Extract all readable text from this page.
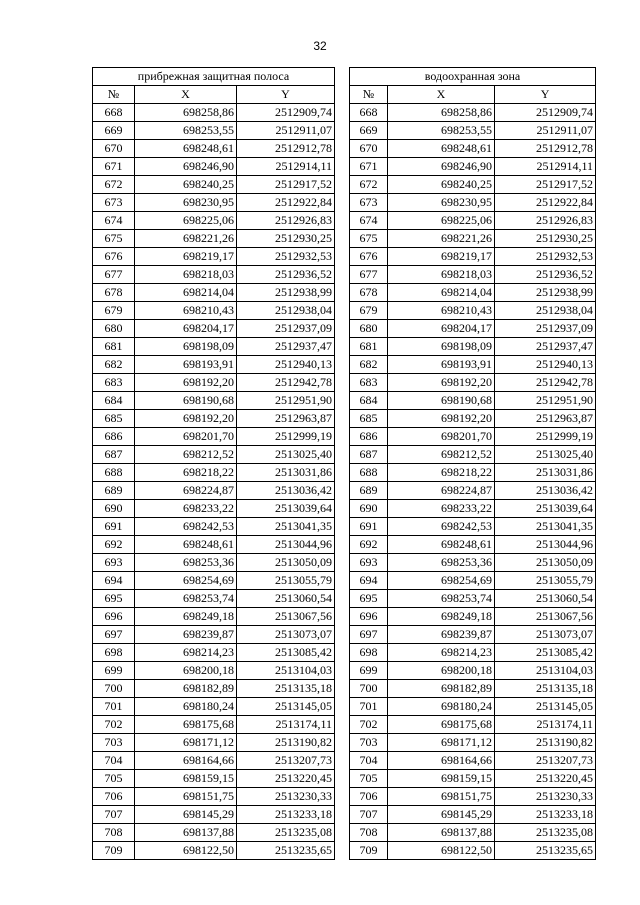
32
прибрежная защитная полоса				водоохранная зона		
№	X	Y		№	X	Y
668	698258,86	2512909,74		668	698258,86	2512909,74
669	698253,55	2512911,07		669	698253,55	2512911,07
670	698248,61	2512912,78		670	698248,61	2512912,78
671	698246,90	2512914,11		671	698246,90	2512914,11
672	698240,25	2512917,52		672	698240,25	2512917,52
673	698230,95	2512922,84		673	698230,95	2512922,84
674	698225,06	2512926,83		674	698225,06	2512926,83
675	698221,26	2512930,25		675	698221,26	2512930,25
676	698219,17	2512932,53		676	698219,17	2512932,53
677	698218,03	2512936,52		677	698218,03	2512936,52
678	698214,04	2512938,99		678	698214,04	2512938,99
679	698210,43	2512938,04		679	698210,43	2512938,04
680	698204,17	2512937,09		680	698204,17	2512937,09
681	698198,09	2512937,47		681	698198,09	2512937,47
682	698193,91	2512940,13		682	698193,91	2512940,13
683	698192,20	2512942,78		683	698192,20	2512942,78
684	698190,68	2512951,90		684	698190,68	2512951,90
685	698192,20	2512963,87		685	698192,20	2512963,87
686	698201,70	2512999,19		686	698201,70	2512999,19
687	698212,52	2513025,40		687	698212,52	2513025,40
688	698218,22	2513031,86		688	698218,22	2513031,86
689	698224,87	2513036,42		689	698224,87	2513036,42
690	698233,22	2513039,64		690	698233,22	2513039,64
691	698242,53	2513041,35		691	698242,53	2513041,35
692	698248,61	2513044,96		692	698248,61	2513044,96
693	698253,36	2513050,09		693	698253,36	2513050,09
694	698254,69	2513055,79		694	698254,69	2513055,79
695	698253,74	2513060,54		695	698253,74	2513060,54
696	698249,18	2513067,56		696	698249,18	2513067,56
697	698239,87	2513073,07		697	698239,87	2513073,07
698	698214,23	2513085,42		698	698214,23	2513085,42
699	698200,18	2513104,03		699	698200,18	2513104,03
700	698182,89	2513135,18		700	698182,89	2513135,18
701	698180,24	2513145,05		701	698180,24	2513145,05
702	698175,68	2513174,11		702	698175,68	2513174,11
703	698171,12	2513190,82		703	698171,12	2513190,82
704	698164,66	2513207,73		704	698164,66	2513207,73
705	698159,15	2513220,45		705	698159,15	2513220,45
706	698151,75	2513230,33		706	698151,75	2513230,33
707	698145,29	2513233,18		707	698145,29	2513233,18
708	698137,88	2513235,08		708	698137,88	2513235,08
709	698122,50	2513235,65		709	698122,50	2513235,65
